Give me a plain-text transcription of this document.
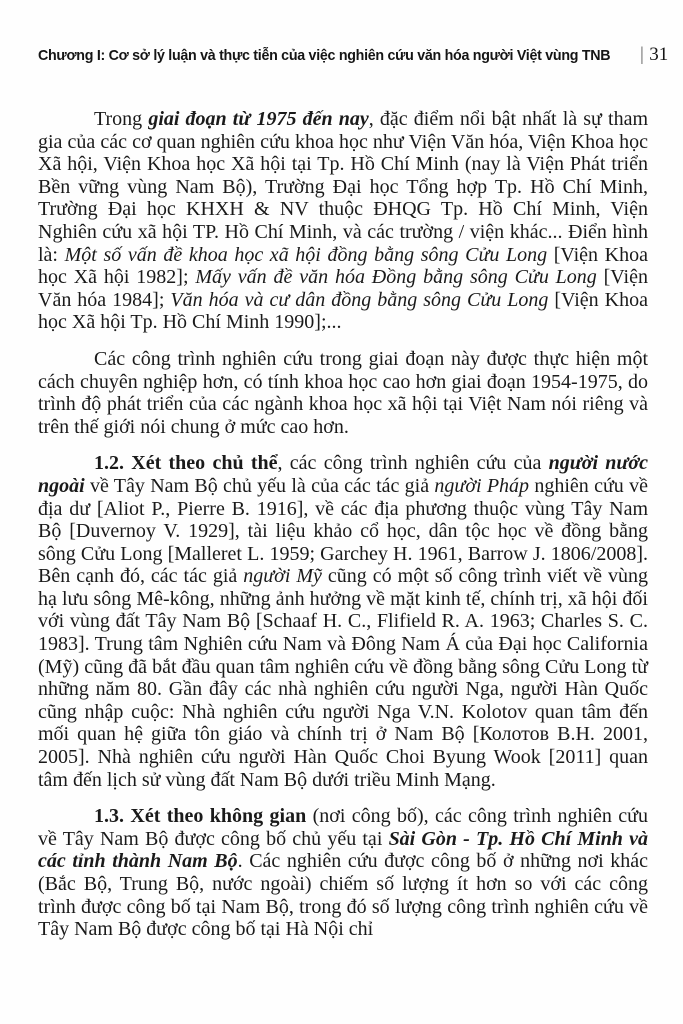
Chương I: Cơ sở lý luận và thực tiễn của việc nghiên cứu văn hóa người Việt vùng TNB | 31

Trong giai đoạn từ 1975 đến nay, đặc điểm nổi bật nhất là sự tham gia của các cơ quan nghiên cứu khoa học như Viện Văn hóa, Viện Khoa học Xã hội, Viện Khoa học Xã hội tại Tp. Hồ Chí Minh (nay là Viện Phát triển Bền vững vùng Nam Bộ), Trường Đại học Tổng hợp Tp. Hồ Chí Minh, Trường Đại học KHXH & NV thuộc ĐHQG Tp. Hồ Chí Minh, Viện Nghiên cứu xã hội TP. Hồ Chí Minh, và các trường / viện khác... Điển hình là: Một số vấn đề khoa học xã hội đồng bằng sông Cửu Long [Viện Khoa học Xã hội 1982]; Mấy vấn đề văn hóa Đồng bằng sông Cửu Long [Viện Văn hóa 1984]; Văn hóa và cư dân đồng bằng sông Cửu Long [Viện Khoa học Xã hội Tp. Hồ Chí Minh 1990];...

Các công trình nghiên cứu trong giai đoạn này được thực hiện một cách chuyên nghiệp hơn, có tính khoa học cao hơn giai đoạn 1954-1975, do trình độ phát triển của các ngành khoa học xã hội tại Việt Nam nói riêng và trên thế giới nói chung ở mức cao hơn.

1.2. Xét theo chủ thể, các công trình nghiên cứu của người nước ngoài về Tây Nam Bộ chủ yếu là của các tác giả người Pháp nghiên cứu về địa dư [Aliot P., Pierre B. 1916], về các địa phương thuộc vùng Tây Nam Bộ [Duvernoy V. 1929], tài liệu khảo cổ học, dân tộc học về đồng bằng sông Cửu Long [Malleret L. 1959; Garchey H. 1961, Barrow J. 1806/2008]. Bên cạnh đó, các tác giả người Mỹ cũng có một số công trình viết về vùng hạ lưu sông Mê-kông, những ảnh hưởng về mặt kinh tế, chính trị, xã hội đối với vùng đất Tây Nam Bộ [Schaaf H. C., Flifield R. A. 1963; Charles S. C. 1983]. Trung tâm Nghiên cứu Nam và Đông Nam Á của Đại học California (Mỹ) cũng đã bắt đầu quan tâm nghiên cứu về đồng bằng sông Cửu Long từ những năm 80. Gần đây các nhà nghiên cứu người Nga, người Hàn Quốc cũng nhập cuộc: Nhà nghiên cứu người Nga V.N. Kolotov quan tâm đến mối quan hệ giữa tôn giáo và chính trị ở Nam Bộ [Колотов В.Н. 2001, 2005]. Nhà nghiên cứu người Hàn Quốc Choi Byung Wook [2011] quan tâm đến lịch sử vùng đất Nam Bộ dưới triều Minh Mạng.

1.3. Xét theo không gian (nơi công bố), các công trình nghiên cứu về Tây Nam Bộ được công bố chủ yếu tại Sài Gòn - Tp. Hồ Chí Minh và các tỉnh thành Nam Bộ. Các nghiên cứu được công bố ở những nơi khác (Bắc Bộ, Trung Bộ, nước ngoài) chiếm số lượng ít hơn so với các công trình được công bố tại Nam Bộ, trong đó số lượng công trình nghiên cứu về Tây Nam Bộ được công bố tại Hà Nội chỉ
